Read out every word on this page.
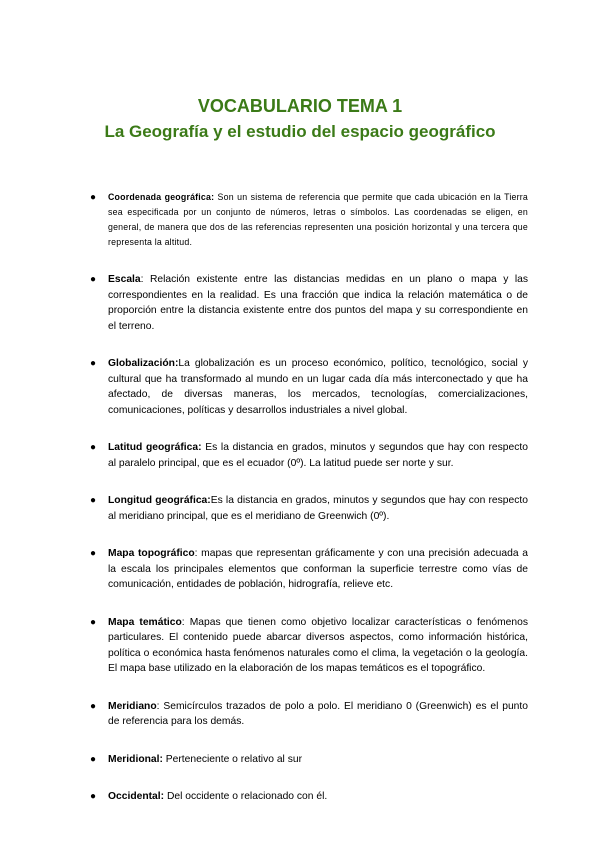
VOCABULARIO TEMA 1
La Geografía y el estudio del espacio geográfico
● Coordenada geográfica: Son un sistema de referencia que permite que cada ubicación en la Tierra sea especificada por un conjunto de números, letras o símbolos. Las coordenadas se eligen, en general, de manera que dos de las referencias representen una posición horizontal y una tercera que representa la altitud.
● Escala: Relación existente entre las distancias medidas en un plano o mapa y las correspondientes en la realidad. Es una fracción que indica la relación matemática o de proporción entre la distancia existente entre dos puntos del mapa y su correspondiente en el terreno.
● Globalización:La globalización es un proceso económico, político, tecnológico, social y cultural que ha transformado al mundo en un lugar cada día más interconectado y que ha afectado, de diversas maneras, los mercados, tecnologías, comercializaciones, comunicaciones, políticas y desarrollos industriales a nivel global.
● Latitud geográfica: Es la distancia en grados, minutos y segundos que hay con respecto al paralelo principal, que es el ecuador (0º). La latitud puede ser norte y sur.
● Longitud geográfica:Es la distancia en grados, minutos y segundos que hay con respecto al meridiano principal, que es el meridiano de Greenwich (0º).
● Mapa topográfico: mapas que representan gráficamente y con una precisión adecuada a la escala los principales elementos que conforman la superficie terrestre como vías de comunicación, entidades de población, hidrografía, relieve etc.
● Mapa temático: Mapas que tienen como objetivo localizar características o fenómenos particulares. El contenido puede abarcar diversos aspectos, como información histórica, política o económica hasta fenómenos naturales como el clima, la vegetación o la geología. El mapa base utilizado en la elaboración de los mapas temáticos es el topográfico.
● Meridiano: Semicírculos trazados de polo a polo. El meridiano 0 (Greenwich) es el punto de referencia para los demás.
● Meridional: Perteneciente o relativo al sur
● Occidental: Del occidente o relacionado con él.
